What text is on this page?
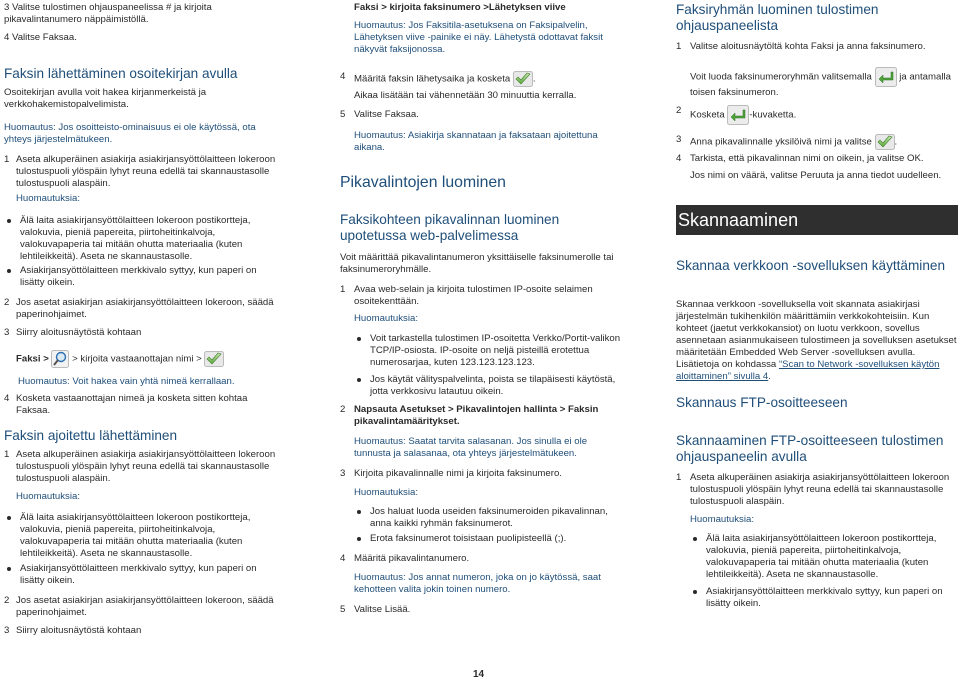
3 Valitse tulostimen ohjauspaneelissa # ja kirjoita pikavalintanumero näppäimistöllä.
4 Valitse Faksaa.
Faksin lähettäminen osoitekirjan avulla
Osoitekirjan avulla voit hakea kirjanmerkeistä ja verkkohakemistopalvelimista.
Huomautus: Jos osoitteisto-ominaisuus ei ole käytössä, ota yhteys järjestelmätukeen.
1 Aseta alkuperäinen asiakirja asiakirjansyöttölaitteen lokeroon tulostuspuoli ylöspäin lyhyt reuna edellä tai skannaustasolle tulostuspuoli alaspäin.
Huomautuksia:
Älä laita asiakirjansyöttölaitteen lokeroon postikortteja, valokuvia, pieniä papereita, piirtoheitinkalvoja, valokuvapaperia tai mitään ohutta materiaalia (kuten lehtileikkeitä). Aseta ne skannaustasolle.
Asiakirjansyöttölaitteen merkkivalo syttyy, kun paperi on lisätty oikein.
2 Jos asetat asiakirjan asiakirjansyöttölaitteen lokeroon, säädä paperinohjaimet.
3 Siirry aloitusnäytöstä kohtaan
Faksi > > kirjoita vastaanottajan nimi >
Huomautus: Voit hakea vain yhtä nimeä kerrallaan.
4 Kosketa vastaanottajan nimeä ja kosketa sitten kohtaa Faksaa.
Faksin ajoitettu lähettäminen
1 Aseta alkuperäinen asiakirja asiakirjansyöttölaitteen lokeroon tulostuspuoli ylöspäin lyhyt reuna edellä tai skannaustasolle tulostuspuoli alaspäin.
Huomautuksia:
Älä laita asiakirjansyöttölaitteen lokeroon postikortteja, valokuvia, pieniä papereita, piirtoheitinkalvoja, valokuvapaperia tai mitään ohutta materiaalia (kuten lehtileikkeitä). Aseta ne skannaustasolle.
Asiakirjansyöttölaitteen merkkivalo syttyy, kun paperi on lisätty oikein.
2 Jos asetat asiakirjan asiakirjansyöttölaitteen lokeroon, säädä paperinohjaimet.
3 Siirry aloitusnäytöstä kohtaan
Faksi > kirjoita faksinumero >Lähetyksen viive
Huomautus: Jos Faksitila-asetuksena on Faksipalvelin, Lähetyksen viive -painike ei näy. Lähetystä odottavat faksit näkyvät faksijonossa.
4 Määritä faksin lähetysaika ja kosketa .
Aikaa lisätään tai vähennetään 30 minuuttia kerralla.
5 Valitse Faksaa.
Huomautus: Asiakirja skannataan ja faksataan ajoitettuna aikana.
Pikavalintojen luominen
Faksikohteen pikavalinnan luominen upotetussa web-palvelimessa
Voit määrittää pikavalintanumeron yksittäiselle faksinumerolle tai faksinumeroryhmälle.
1 Avaa web-selain ja kirjoita tulostimen IP-osoite selaimen osoitekenttään.
Huomautuksia:
Voit tarkastella tulostimen IP-osoitetta Verkko/Portit-valikon TCP/IP-osiosta. IP-osoite on neljä pisteillä erotettua numerosarjaa, kuten 123.123.123.123.
Jos käytät välityspalvelinta, poista se tilapäisesti käytöstä, jotta verkkosivu latautuu oikein.
2 Napsauta Asetukset > Pikavalintojen hallinta > Faksin pikavalintamääritykset.
Huomautus: Saatat tarvita salasanan. Jos sinulla ei ole tunnusta ja salasanaa, ota yhteys järjestelmätukeen.
3 Kirjoita pikavalinnalle nimi ja kirjoita faksinumero.
Huomautuksia:
Jos haluat luoda useiden faksinumeroiden pikavalinnan, anna kaikki ryhmän faksinumerot.
Erota faksinumerot toisistaan puolipisteellä (;).
4 Määritä pikavalintanumero.
Huomautus: Jos annat numeron, joka on jo käytössä, saat kehotteen valita jokin toinen numero.
5 Valitse Lisää.
Faksiryhmän luominen tulostimen ohjauspaneelista
1 Valitse aloitusnäytöltä kohta Faksi ja anna faksinumero.
Voit luoda faksinumeroryhmän valitsemalla	ja antamalla toisen faksinumeron.
2 Kosketa	-kuvaketta.
3 Anna pikavalinnalle yksilöivä nimi ja valitse .
4 Tarkista, että pikavalinnan nimi on oikein, ja valitse OK.
Jos nimi on väärä, valitse Peruuta ja anna tiedot uudelleen.
Skannaaminen
Skannaa verkkoon -sovelluksen käyttäminen
Skannaa verkkoon -sovelluksella voit skannata asiakirjasi järjestelmän tukihenkilön määrittämiin verkkokohteisiin. Kun kohteet (jaetut verkkokansiot) on luotu verkkoon, sovellus asennetaan asianmukaiseen tulostimeen ja sovelluksen asetukset määritetään Embedded Web Server -sovelluksen avulla. Lisätietoja on kohdassa “Scan to Network -sovelluksen käytön aloittaminen” sivulla 4.
Skannaus FTP-osoitteeseen
Skannaaminen FTP-osoitteeseen tulostimen ohjauspaneelin avulla
1 Aseta alkuperäinen asiakirja asiakirjansyöttölaitteen lokeroon tulostuspuoli ylöspäin lyhyt reuna edellä tai skannaustasolle tulostuspuoli alaspäin.
Huomautuksia:
Älä laita asiakirjansyöttölaitteen lokeroon postikortteja, valokuvia, pieniä papereita, piirtoheitinkalvoja, valokuvapaperia tai mitään ohutta materiaalia (kuten lehtileikkeitä). Aseta ne skannaustasolle.
Asiakirjansyöttölaitteen merkkivalo syttyy, kun paperi on lisätty oikein.
14
